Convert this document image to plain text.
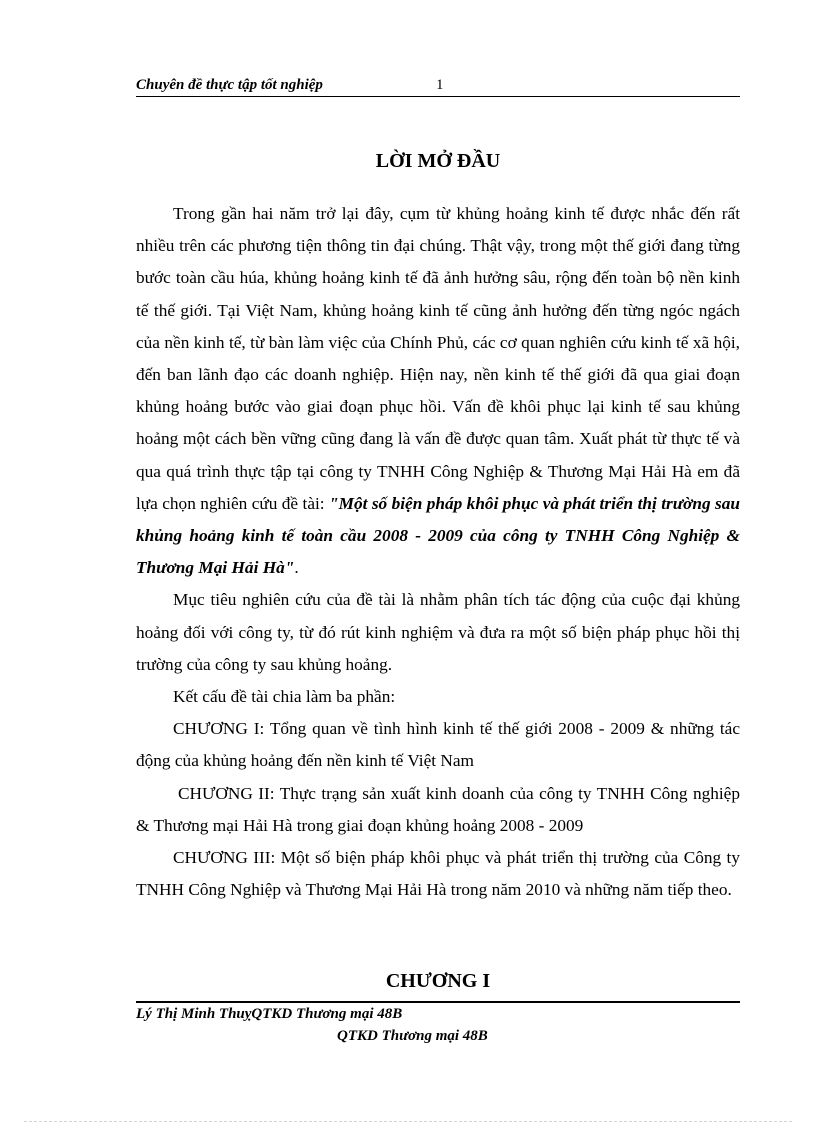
Chuyên đề thực tập tốt nghiệp	1
LỜI MỞ ĐẦU

Trong gần hai năm trở lại đây, cụm từ khủng hoảng kinh tế được nhắc đến rất nhiều trên các phương tiện thông tin đại chúng. Thật vậy, trong một thế giới đang từng bước toàn cầu húa, khủng hoảng kinh tế đã ảnh hưởng sâu, rộng đến toàn bộ nền kinh tế thế giới. Tại Việt Nam, khủng hoảng kinh tế cũng ảnh hưởng đến từng ngóc ngách của nền kinh tế, từ bàn làm việc của Chính Phủ, các cơ quan nghiên cứu kinh tế xã hội, đến ban lãnh đạo các doanh nghiệp. Hiện nay, nền kinh tế thế giới đã qua giai đoạn khủng hoảng bước vào giai đoạn phục hồi. Vấn đề khôi phục lại kinh tế sau khủng hoảng một cách bền vững cũng đang là vấn đề được quan tâm. Xuất phát từ thực tế và qua quá trình thực tập tại công ty TNHH Công Nghiệp & Thương Mại Hải Hà em đã lựa chọn nghiên cứu đề tài: "Một số biện pháp khôi phục và phát triển thị trường sau khủng hoảng kinh tế toàn cầu 2008 - 2009 của công ty TNHH Công Nghiệp & Thương Mại Hải Hà".

Mục tiêu nghiên cứu của đề tài là nhằm phân tích tác động của cuộc đại khủng hoảng đối với công ty, từ đó rút kinh nghiệm và đưa ra một số biện pháp phục hồi thị trường của công ty sau khủng hoảng.

Kết cấu đề tài chia làm ba phần:

CHƯƠNG I: Tổng quan về tình hình kinh tế thế giới 2008 - 2009 & những tác động của khủng hoảng đến nền kinh tế Việt Nam

CHƯƠNG II: Thực trạng sản xuất kinh doanh của công ty TNHH Công nghiệp & Thương mại Hải Hà trong giai đoạn khủng hoảng 2008 - 2009

CHƯƠNG III: Một số biện pháp khôi phục và phát triển thị trường của Công ty TNHH Công Nghiệp và Thương Mại Hải Hà trong năm 2010 và những năm tiếp theo.

CHƯƠNG I
Lý Thị Minh ThuỵQTKD Thương mại 48B
QTKD Thương mại 48B
